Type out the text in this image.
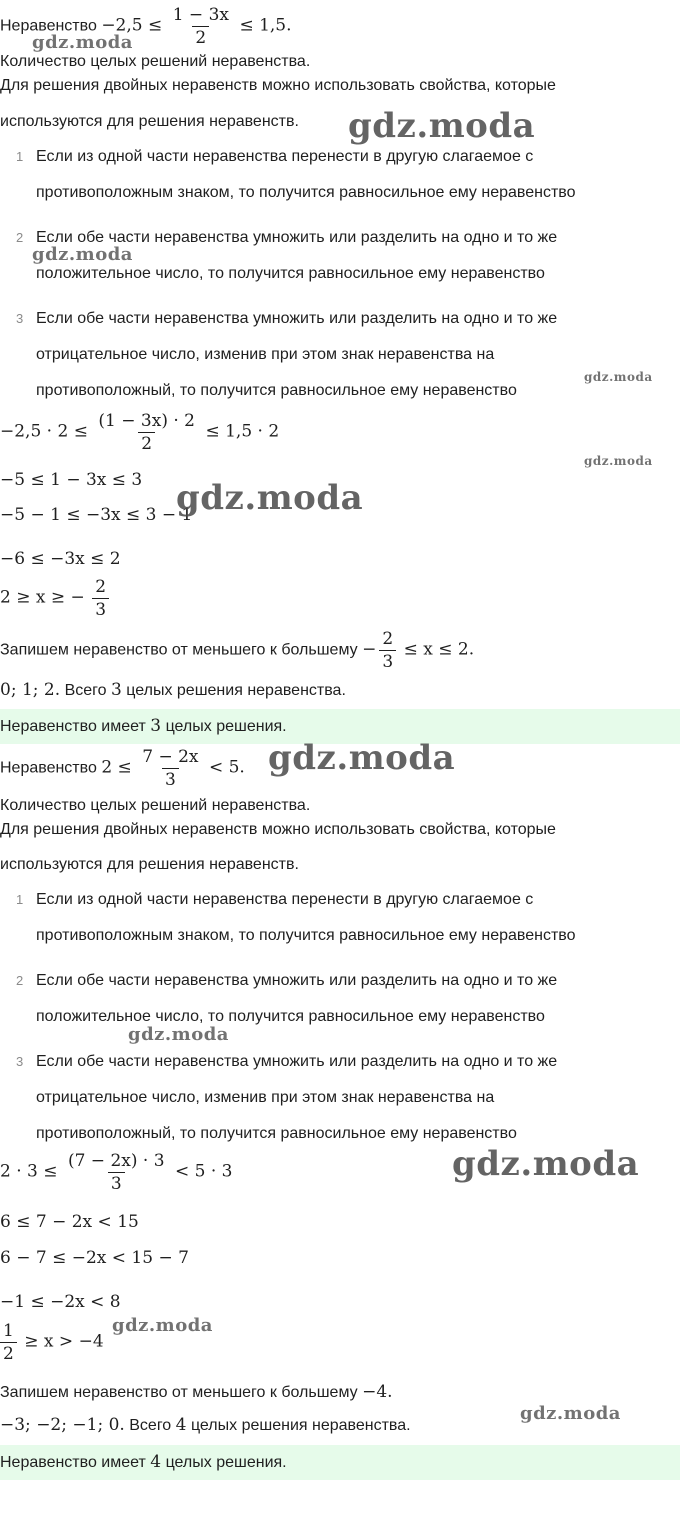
Неравенство $-2,5 \le \frac{1 - 3x}{2} \le 1,5$.
Количество целых решений неравенства.
Для решения двойных неравенств можно использовать свойства, которые
используются для решения неравенств.
1 Если из одной части неравенства перенести в другую слагаемое с
противоположным знаком, то получится равносильное ему неравенство
2 Если обе части неравенства умножить или разделить на одно и то же
положительное число, то получится равносильное ему неравенство
3 Если обе части неравенства умножить или разделить на одно и то же
отрицательное число, изменив при этом знак неравенства на
противоположный, то получится равносильное ему неравенство
$-2,5 \cdot 2 \le \frac{(1 - 3x) \cdot 2}{2} \le 1,5 \cdot 2$
−5 ≤ 1 − 3x ≤ 3
−5 − 1 ≤ −3x ≤ 3 − 1
−6 ≤ −3x ≤ 2
2 ≥ x ≥ − $\frac{2}{3}$
Запишем неравенство от меньшего к большему − $\frac{2}{3} \le x \le 2$.
0; 1; 2. Всего 3 целых решения неравенства.
Неравенство имеет 3 целых решения.
Неравенство $2 \le \frac{7 - 2x}{3} < 5$.
Количество целых решений неравенства.
Для решения двойных неравенств можно использовать свойства, которые
используются для решения неравенств.
1 Если из одной части неравенства перенести в другую слагаемое с
противоположным знаком, то получится равносильное ему неравенство
2 Если обе части неравенства умножить или разделить на одно и то же
положительное число, то получится равносильное ему неравенство
3 Если обе части неравенства умножить или разделить на одно и то же
отрицательное число, изменив при этом знак неравенства на
противоположный, то получится равносильное ему неравенство
$2 \cdot 3 \le \frac{(7 - 2x) \cdot 3}{3} < 5 \cdot 3$
6 ≤ 7 − 2x < 15
6 − 7 ≤ −2x < 15 − 7
−1 ≤ −2x < 8
$\frac{1}{2} \ge x > -4$
Запишем неравенство от меньшего к большему −4.
−3; −2; −1; 0. Всего 4 целых решения неравенства.
Неравенство имеет 4 целых решения.
gdz.moda
gdz.moda
gdz.moda
gdz.moda
gdz.moda
gdz.moda
gdz.moda
gdz.moda
gdz.moda
gdz.moda
gdz.moda
